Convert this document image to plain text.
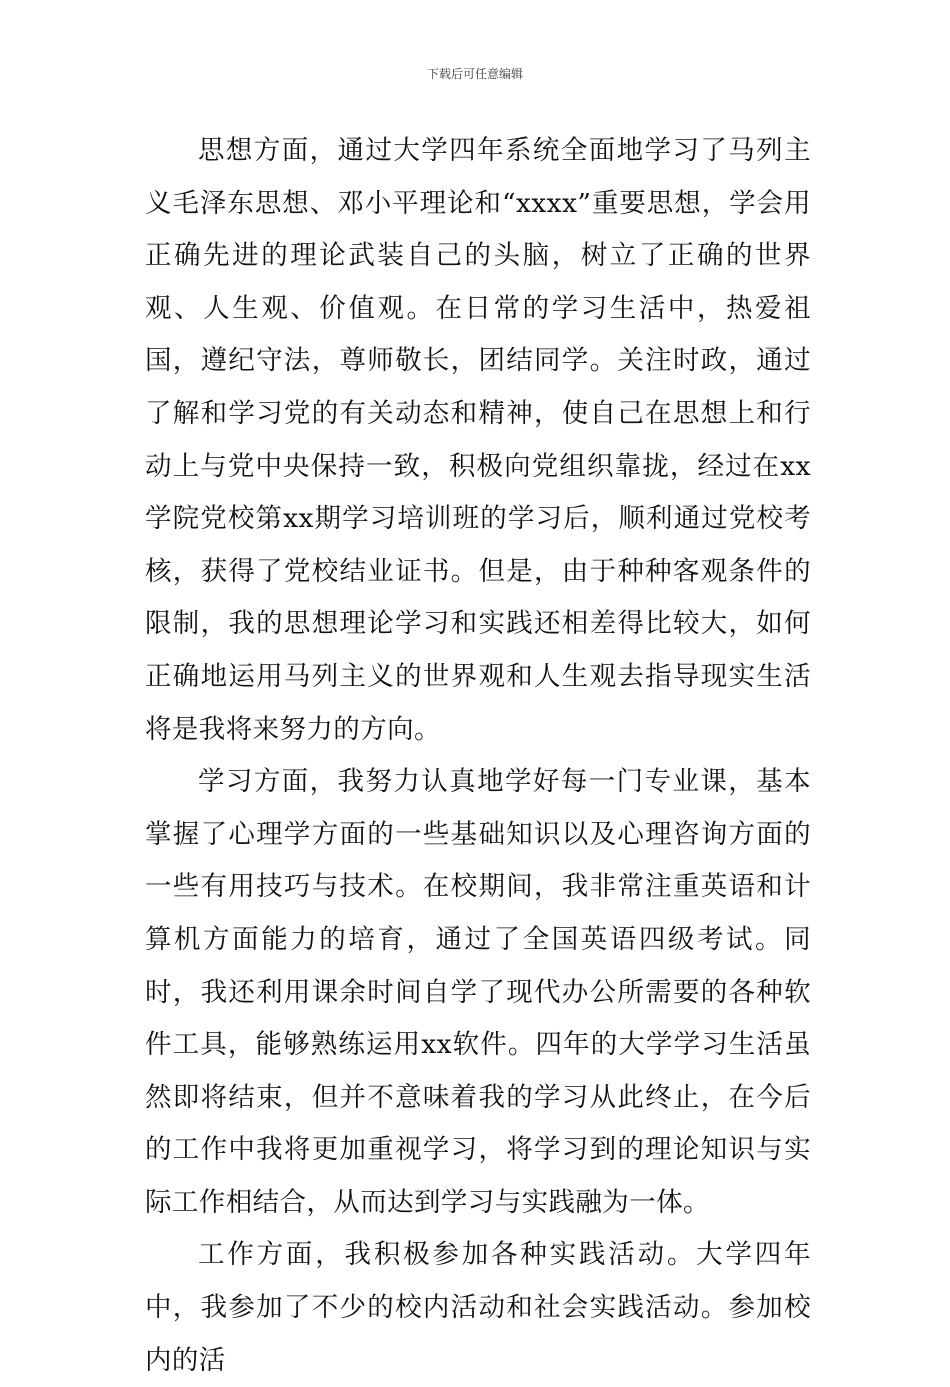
下载后可任意编辑

思想方面，通过大学四年系统全面地学习了马列主义毛泽东思想、邓小平理论和“xxxx”重要思想，学会用正确先进的理论武装自己的头脑，树立了正确的世界观、人生观、价值观。在日常的学习生活中，热爱祖国，遵纪守法，尊师敬长，团结同学。关注时政，通过了解和学习党的有关动态和精神，使自己在思想上和行动上与党中央保持一致，积极向党组织靠拢，经过在xx学院党校第xx期学习培训班的学习后，顺利通过党校考核，获得了党校结业证书。但是，由于种种客观条件的限制，我的思想理论学习和实践还相差得比较大，如何正确地运用马列主义的世界观和人生观去指导现实生活将是我将来努力的方向。

学习方面，我努力认真地学好每一门专业课，基本掌握了心理学方面的一些基础知识以及心理咨询方面的一些有用技巧与技术。在校期间，我非常注重英语和计算机方面能力的培育，通过了全国英语四级考试。同时，我还利用课余时间自学了现代办公所需要的各种软件工具，能够熟练运用xx软件。四年的大学学习生活虽然即将结束，但并不意味着我的学习从此终止，在今后的工作中我将更加重视学习，将学习到的理论知识与实际工作相结合，从而达到学习与实践融为一体。

工作方面，我积极参加各种实践活动。大学四年中，我参加了不少的校内活动和社会实践活动。参加校内的活
